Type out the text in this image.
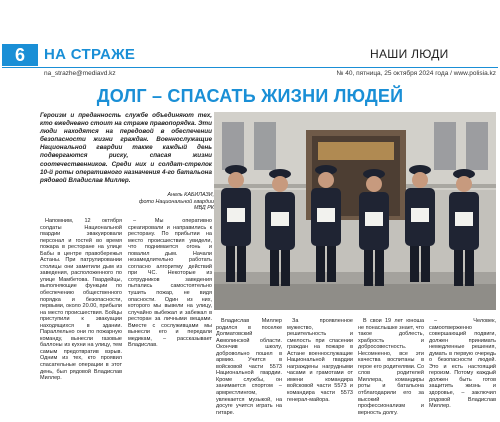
6	НА СТРАЖЕ	НАШИ ЛЮДИ
na_strazhe@mediavd.kz	№ 40, пятница, 25 октября 2024 года / www.polisia.kz
ДОЛГ – СПАСАТЬ ЖИЗНИ ЛЮДЕЙ
Героизм и преданность службе объединяют тех, кто ежедневно стоит на страже правопорядка. Эти люди находятся на передовой в обеспечении безопасности жизни граждан. Военнослужащие Национальной гвардии также каждый день подвергаются риску, спасая жизни соотечественников. Среди них и солдат-стрелок 10-й роты оперативного назначения 4-го батальона рядовой Владислав Миллер.
Анель КАБИЛАЗИ,
фото Национальной гвардии МВД РК

Напомним, 12 октября солдаты Национальной гвардии эвакуировали персонал и гостей во время пожара в ресторане на улице Бабы в центре правобережья Астаны. При патрулировании столицы они заметили дым из заведения, расположенного по улице Мамбетова. Гвардейцы, выполняющие функции по обеспечению общественного порядка и безопасности, первыми, около 20.00, прибыли на место происшествия. Бойцы приступили к эвакуации находящихся в здании. Параллельно они по пожарную команду, вынесли газовые баллоны из кухни на улицу, тем самым предотвратив взрыв. Одним из тех, кто проявил спасательные операции в этот день, был рядовой Владислав Миллер.

– Мы оперативно среагировали и направились к ресторану. По прибытии на место происшествия увидели, что поднимается огонь и повалил дым. Начали незамедлительно работать согласно алгоритму действий при ЧС. Некоторые из сотрудников заведения пытались самостоятельно тушить пожар, не видя опасности. Один из них, которого мы вывели на улицу, случайно выбежал и забежал в ресторан за личными вещами. Вместе с сослуживцами мы вынесли его и передали медикам, – рассказывает Владислав.

Владислав Миллер родился в поселке Долматовский Акмолинской области. Окончив школу, добровольно пошел в армию. Учится в войсковой части 5573 Национальной гвардии. Кроме службы, он занимается спортом – армрестлингом, увлекается музыкой, на досуге учится играть на гитаре.

За проявленное мужество, решительность и смелость при спасении граждан на пожаре в Астане военнослужащие Национальной гвардии награждены нагрудными часами и грамотами от имени командира войсковой части 5573 и командира части 5573 генерал-майора.

В свои 19 лет юноша не понаслышке знает, что такое доблесть, храбрость и добросовестность. Несомненно, все эти качества воспитаны в герое его родителями. Со слов родителей Миллера, командиры роты и батальона отблагодарили его за высокий профессионализм и верность долгу.

– Человек, самоотверженно совершающий подвиги, должен принимать немедленные решения, думать в первую очередь о безопасности людей. Это и есть настоящий героизм. Потому каждый должен быть готов защитить жизнь и здоровье, – заключил рядовой Владислав Миллер.
